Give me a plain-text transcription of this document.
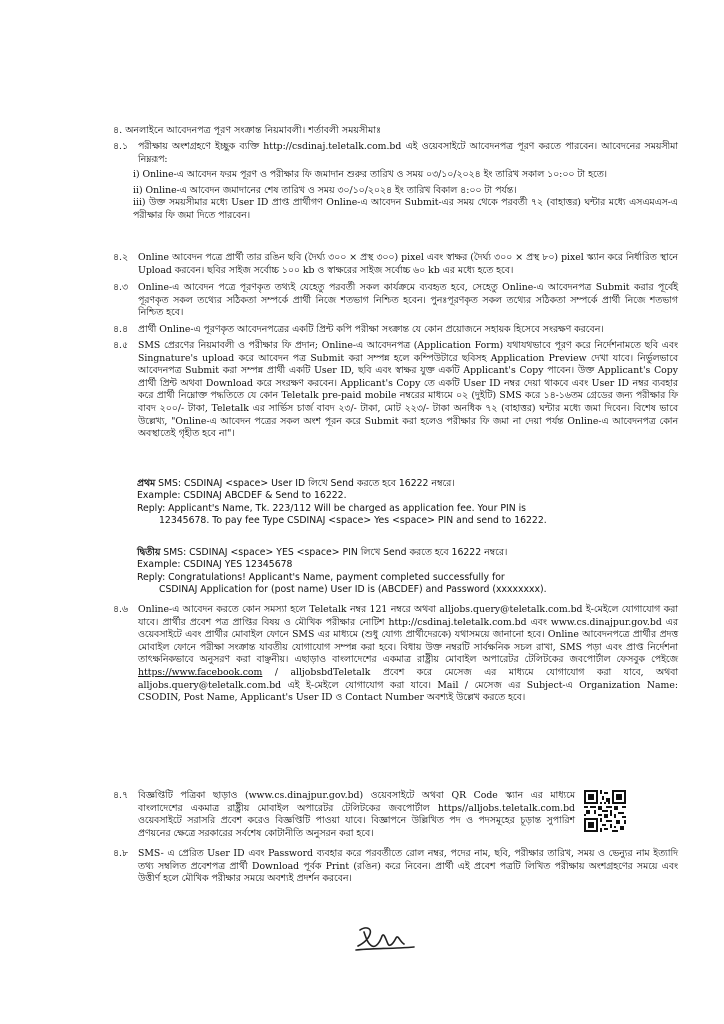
৪. অনলাইনে আবেদনপত্র পূরণ সংক্রান্ত নিয়মাবলী। শর্তাবলী সময়সীমাঃ
৪.১	পরীক্ষায় অংশগ্রহণে ইচ্ছুক ব্যক্তি http://csdinaj.teletalk.com.bd এই ওয়েবসাইটে আবেদনপত্র পূরণ করতে পারবেন। আবেদনের সময়সীমা নিম্নরূপ:
i) Online-এ আবেদন ফরম পূরণ ও পরীক্ষার ফি জমাদান শুরুর তারিখ ও সময় ০৩/১০/২০২৪ ইং তারিখ সকাল ১০:০০ টা হতে।
ii) Online-এ আবেদন জমাদানের শেষ তারিখ ও সময় ৩০/১০/২০২৪ ইং তারিখ বিকাল ৪:০০ টা পর্যন্ত।
iii) উক্ত সময়সীমার মধ্যে User ID প্রাপ্ত প্রার্থীগণ Online-এ আবেদন Submit-এর সময় থেকে পরবর্তী ৭২ (বাহাত্তর) ঘন্টার মধ্যে এসএমএস-এ পরীক্ষার ফি জমা দিতে পারবেন।
৪.২	Online আবেদন পত্রে প্রার্থী তার রঙিন ছবি (দৈর্ঘ্য ৩০০ × প্রস্থ ৩০০) pixel এবং স্বাক্ষর (দৈর্ঘ্য ৩০০ × প্রস্থ ৮০) pixel স্ক্যান করে নির্ধারিত স্থানে Upload করবেন। ছবির সাইজ সর্বোচ্চ ১০০ kb ও স্বাক্ষরের সাইজ সর্বোচ্চ ৬০ kb এর মধ্যে হতে হবে।
৪.৩	Online-এ আবেদন পত্রে পূরণকৃত তথ্যই যেহেতু পরবর্তী সকল কার্যক্রমে ব্যবহৃত হবে, সেহেতু Online-এ আবেদনপত্র Submit করার পূর্বেই পূরণকৃত সকল তথ্যের সঠিকতা সম্পর্কে প্রার্থী নিজে শতভাগ নিশ্চিত হবেন। পুনঃপূরণকৃত সকল তথ্যের সঠিকতা সম্পর্কে প্রার্থী নিজে শতভাগ নিশ্চিত হবে।
৪.৪	প্রার্থী Online-এ পূরণকৃত আবেদনপত্রের একটি প্রিন্ট কপি পরীক্ষা সংক্রান্ত যে কোন প্রয়োজনে সহায়ক হিসেবে সংরক্ষণ করবেন।
৪.৫	SMS প্রেরণের নিয়মাবলী ও পরীক্ষার ফি প্রদান; Online-এ আবেদনপত্র (Application Form) যথাযথভাবে পূরণ করে নির্দেশনামতে ছবি এবং Singnature's upload করে আবেদন পত্র Submit করা সম্পন্ন হলে কম্পিউটারে ছবিসহ Application Preview দেখা যাবে। নির্ভুলভাবে আবেদনপত্র Submit করা সম্পন্ন প্রার্থী একটি User ID, ছবি এবং স্বাক্ষর যুক্ত একটি Applicant's Copy পাবেন। উক্ত Applicant's Copy প্রার্থী প্রিন্ট অথবা Download করে সংরক্ষণ করবেন। Applicant's Copy তে একটি User ID নম্বর দেয়া থাকবে এবং User ID নম্বর ব্যবহার করে প্রার্থী নিম্নোক্ত পদ্ধতিতে যে কোন Teletalk pre-paid mobile নম্বরের মাধ্যমে ০২ (দুইটি) SMS করে ১৪-১৬তম গ্রেডের জন্য পরীক্ষার ফি বাবদ ২০০/- টাকা, Teletalk এর সার্ভিস চার্জ বাবদ ২৩/- টাকা, মোট ২২৩/- টাকা অনধিক ৭২ (বাহাত্তর) ঘন্টার মধ্যে জমা দিবেন। বিশেষ ভাবে উল্লেখ্য, "Online-এ আবেদন পত্রের সকল অংশ পূরন করে Submit করা হলেও পরীক্ষার ফি জমা না দেয়া পর্যন্ত Online-এ আবেদনপত্র কোন অবস্থাতেই গৃহীত হবে না"।
প্রথম SMS: CSDINAJ <space> User ID লিখে Send করতে হবে 16222 নম্বরে।
Example: CSDINAJ ABCDEF & Send to 16222.
Reply: Applicant's Name, Tk. 223/112 Will be charged as application fee. Your PIN is
12345678. To pay fee Type CSDINAJ <space> Yes <space> PIN and send to 16222.
দ্বিতীয় SMS: CSDINAJ <space> YES <space> PIN লিখে Send করতে হবে 16222 নম্বরে।
Example: CSDINAJ YES 12345678
Reply: Congratulations! Applicant's Name, payment completed successfully for
CSDINAJ Application for (post name) User ID is (ABCDEF) and Password (xxxxxxxx).
৪.৬	Online-এ আবেদন করতে কোন সমস্যা হলে Teletalk নম্বর 121 নম্বরে অথবা alljobs.query@teletalk.com.bd ই-মেইলে যোগাযোগ করা যাবে। প্রার্থীর প্রবেশ পত্র প্রাপ্তির বিষয় ও মৌখিক পরীক্ষার নোটিশ http://csdinaj.teletalk.com.bd এবং www.cs.dinajpur.gov.bd এর ওয়েবসাইটে এবং প্রার্থীর মোবাইল ফোনে SMS এর মাধ্যমে (শুধু যোগ্য প্রার্থীদেরকে) যথাসময়ে জানানো হবে। Online আবেদনপত্রে প্রার্থীর প্রদত্ত মোবাইল ফোনে পরীক্ষা সংক্রান্ত যাবতীয় যোগাযোগ সম্পন্ন করা হবে। বিধায় উক্ত নম্বরটি সার্বক্ষনিক সচল রাখা, SMS পড়া এবং প্রাপ্ত নির্দেশনা তাৎক্ষনিকভাবে অনুসরণ করা বাঞ্ছনীয়। এছাড়াও বাংলাদেশের একমাত্র রাষ্ট্রীয় মোবাইল অপারেটর টেলিটকের জবপোর্টাল ফেসবুক পেইজে https://www.facebook.com / alljobsbdTeletalk প্রবেশ করে মেসেজ এর মাধ্যমে যোগাযোগ করা যাবে, অথবা alljobs.query@teletalk.com.bd এই ই-মেইলে যোগাযোগ করা যাবে। Mail / মেসেজ এর Subject-এ Organization Name: CSODIN, Post Name, Applicant's User ID ও Contact Number অবশ্যই উল্লেখ করতে হবে।
৪.৭	বিজ্ঞপ্তিটি পত্রিকা ছাড়াও (www.cs.dinajpur.gov.bd) ওয়েবসাইটে অথবা QR Code স্ক্যান এর মাধ্যমে বাংলাদেশের একমাত্র রাষ্ট্রীয় মোবাইল অপারেটর টেলিটকের জবপোর্টাল https//alljobs.teletalk.com.bd ওয়েবসাইটে সরাসরি প্রবেশ করেও বিজ্ঞপ্তিটি পাওয়া যাবে। বিজ্ঞাপনে উল্লিখিত পদ ও পদসমূহের চূড়ান্ত সুপারিশ প্রণয়নের ক্ষেত্রে সরকারের সর্বশেষ কোটানীতি অনুসরন করা হবে।
৪.৮	SMS- এ প্রেরিত User ID এবং Password ব্যবহার করে পরবর্তীতে রোল নম্বর, পদের নাম, ছবি, পরীক্ষার তারিখ, সময় ও ভেন্যুর নাম ইত্যাদি তথ্য সম্বলিত প্রবেশপত্র প্রার্থী Download পূর্বক Print (রঙিন) করে নিবেন। প্রার্থী এই প্রবেশ পত্রটি লিখিত পরীক্ষায় অংশগ্রহণের সময়ে এবং উত্তীর্ণ হলে মৌখিক পরীক্ষার সময়ে অবশ্যই প্রদর্শন করবেন।
